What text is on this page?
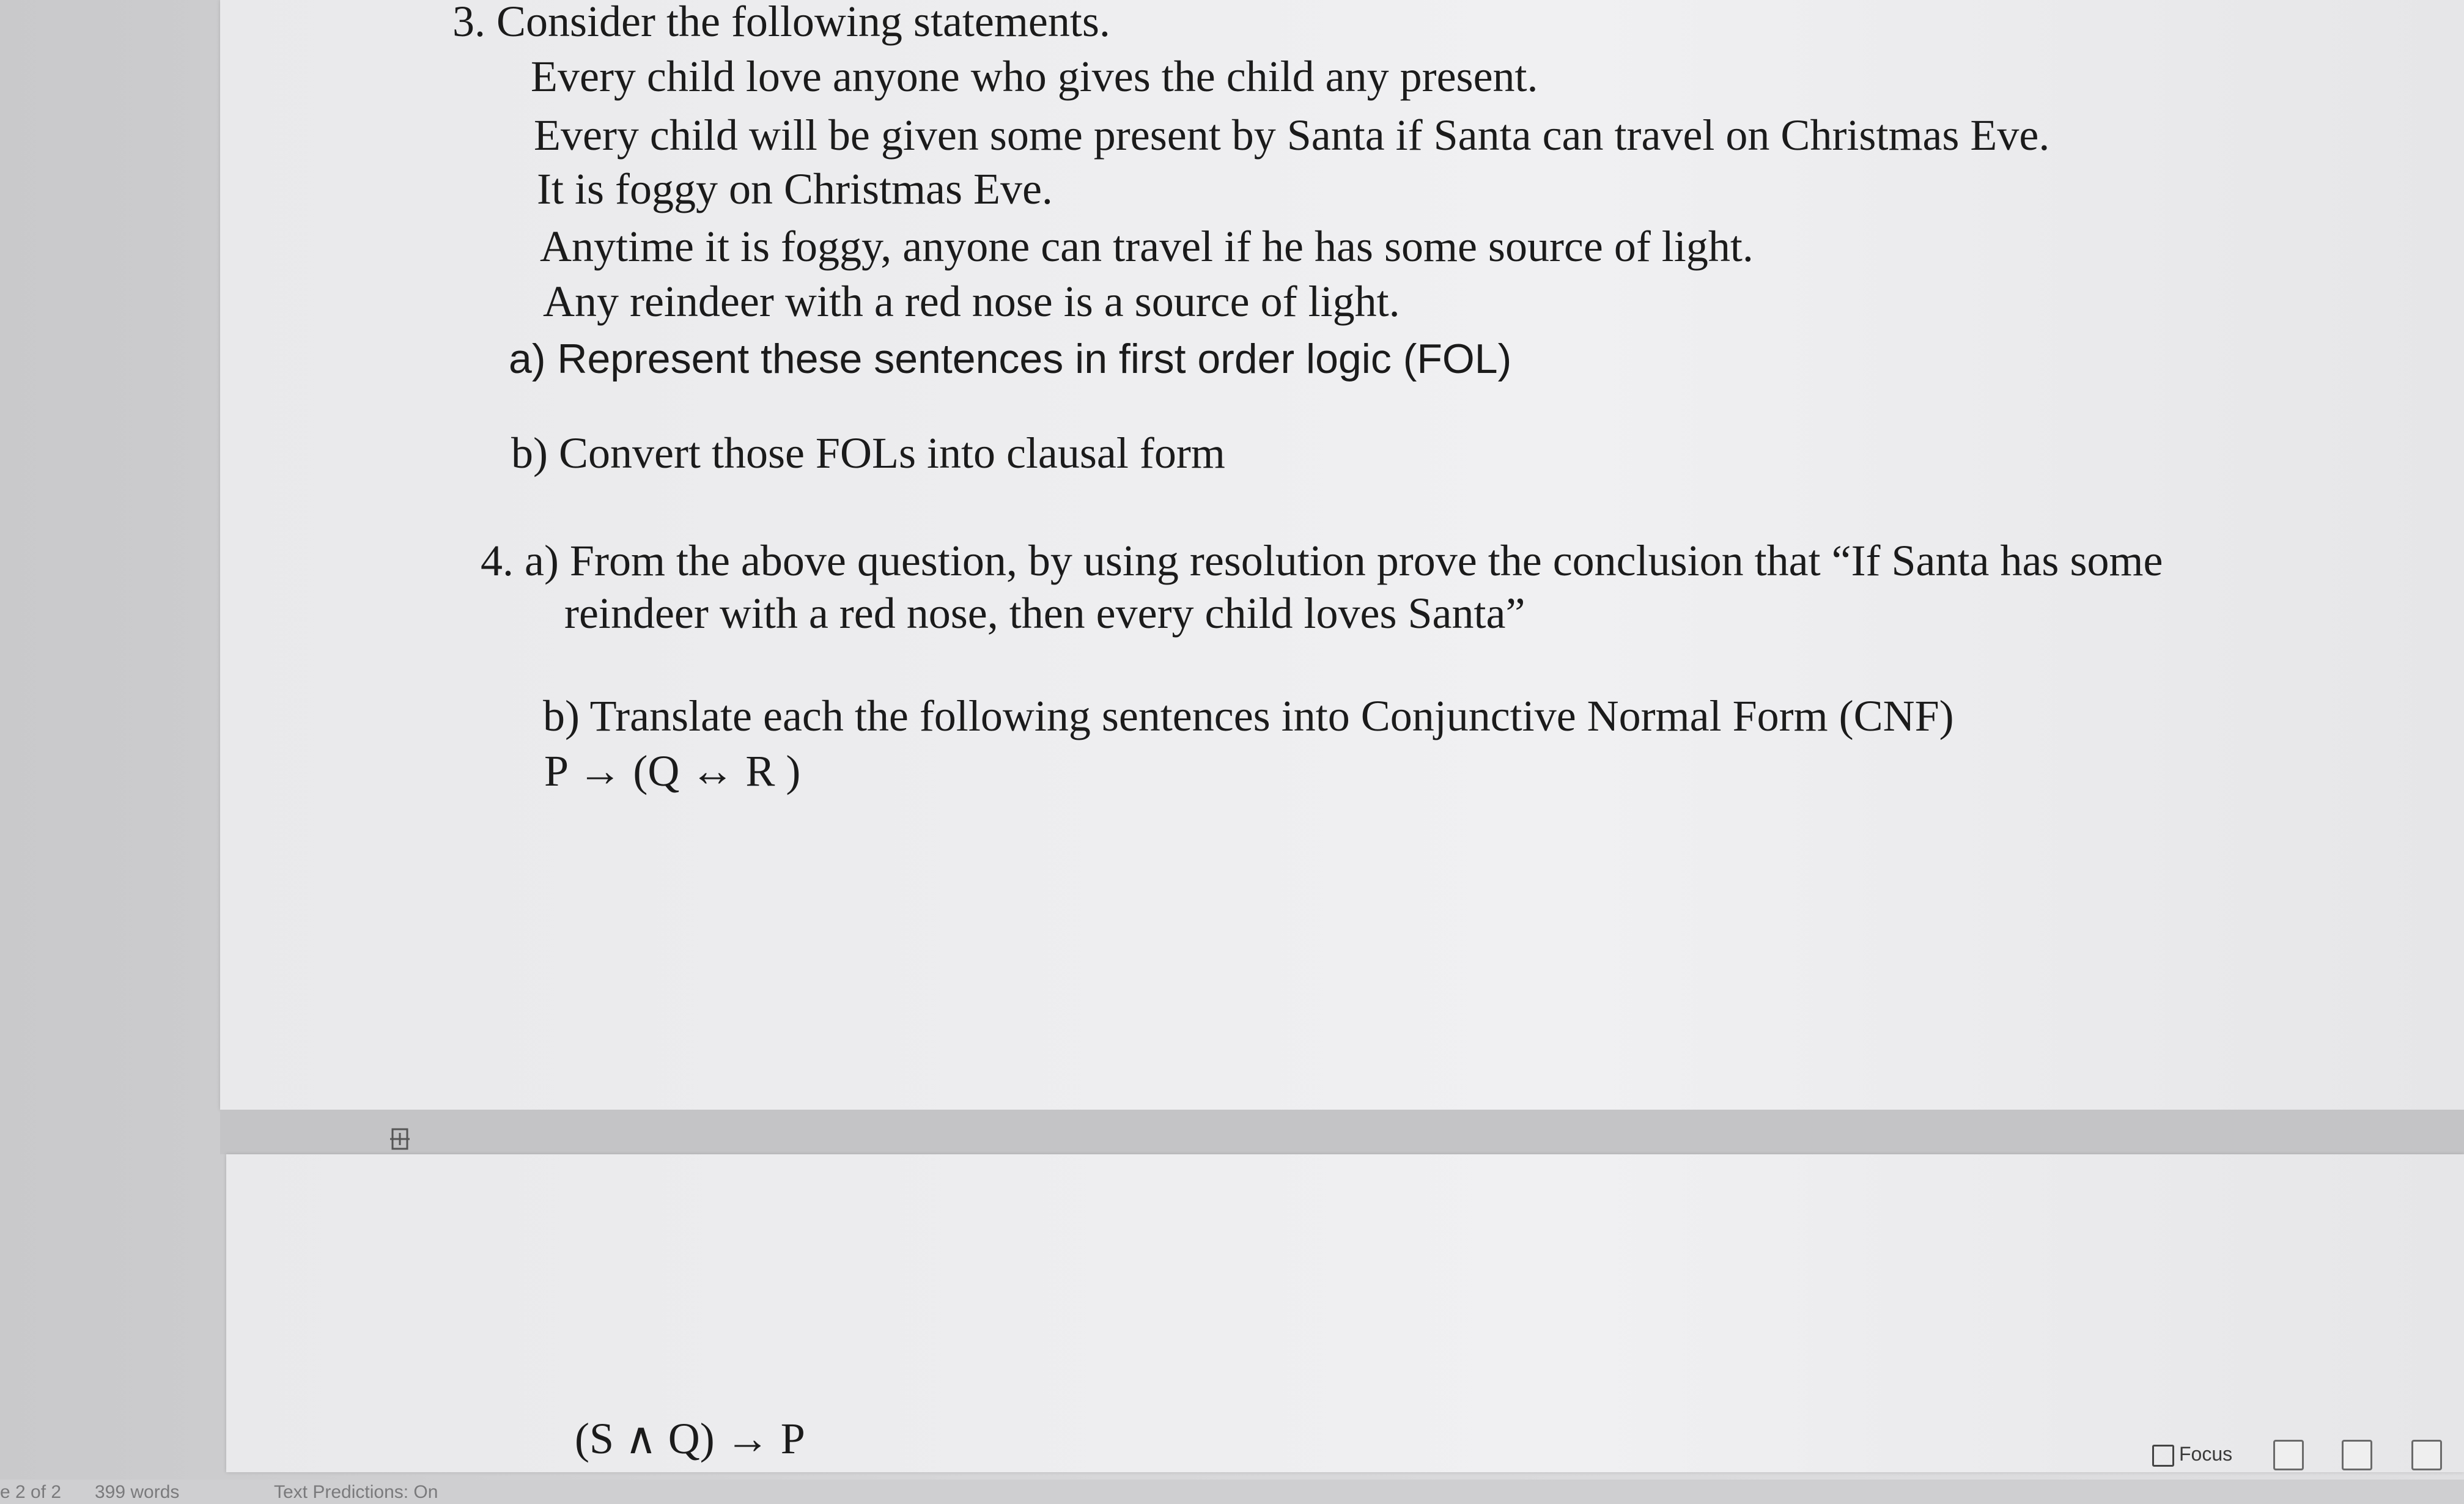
3. Consider the following statements.
Every child love anyone who gives the child any present.
Every child will be given some present by Santa if Santa can travel on Christmas Eve.
It is foggy on Christmas Eve.
Anytime it is foggy, anyone can travel if he has some source of light.
Any reindeer with a red nose is a source of light.
a) Represent these sentences in first order logic (FOL)
b) Convert those FOLs into clausal form
4. a) From the above question, by using resolution prove the conclusion that “If Santa has some
reindeer with a red nose, then every child loves Santa”
b) Translate each the following sentences into Conjunctive Normal Form (CNF)
P → (Q ↔ R )
(S ∧ Q) → P	Focus
e 2 of 2 399 words	Text Predictions: On
